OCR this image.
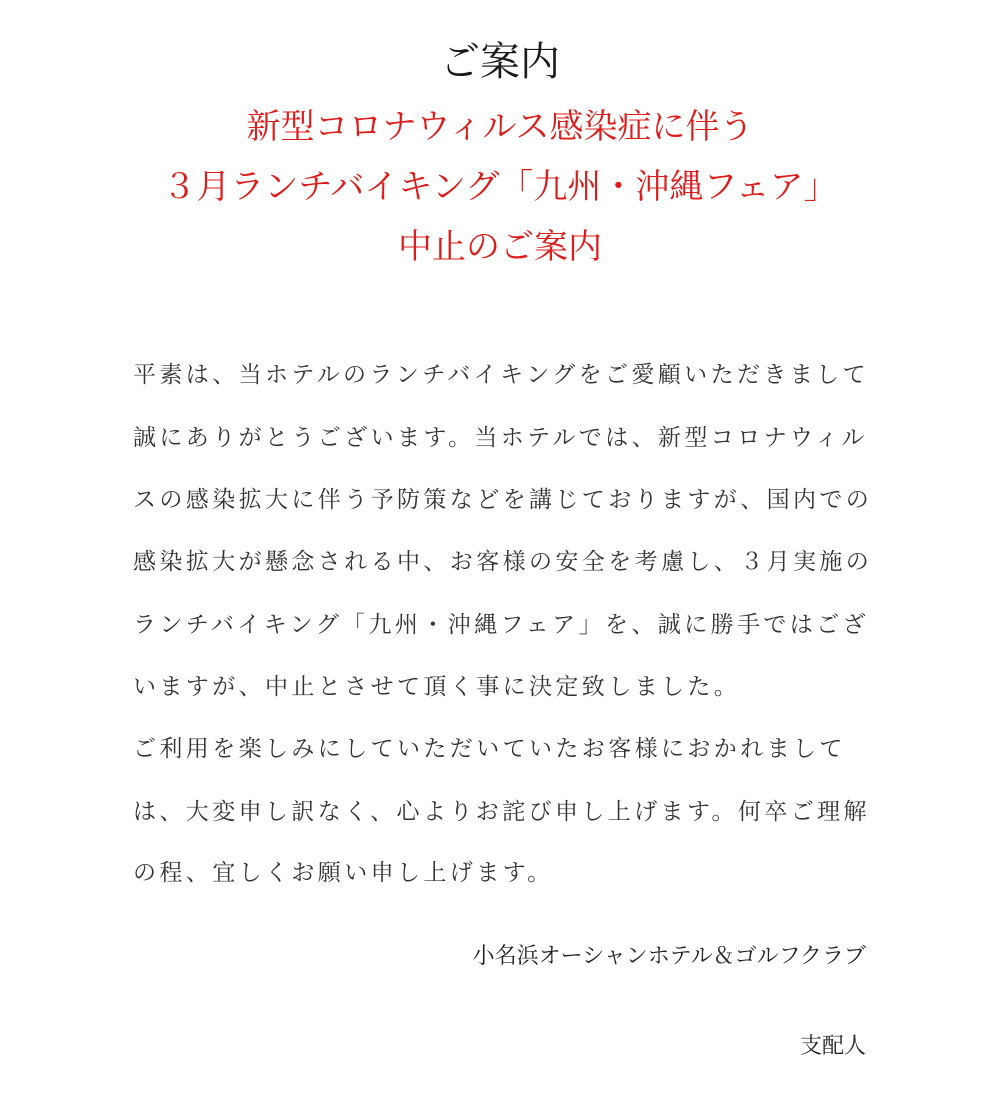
ご案内
新型コロナウィルス感染症に伴う
３月ランチバイキング「九州・沖縄フェア」
中止のご案内
平素は、当ホテルのランチバイキングをご愛顧いただきまして
誠にありがとうございます。当ホテルでは、新型コロナウィル
スの感染拡大に伴う予防策などを講じておりますが、国内での
感染拡大が懸念される中、お客様の安全を考慮し、３月実施の
ランチバイキング「九州・沖縄フェア」を、誠に勝手ではござ
いますが、中止とさせて頂く事に決定致しました。
ご利用を楽しみにしていただいていたお客様におかれまして
は、大変申し訳なく、心よりお詫び申し上げます。何卒ご理解
の程、宜しくお願い申し上げます。
小名浜オーシャンホテル＆ゴルフクラブ
支配人
